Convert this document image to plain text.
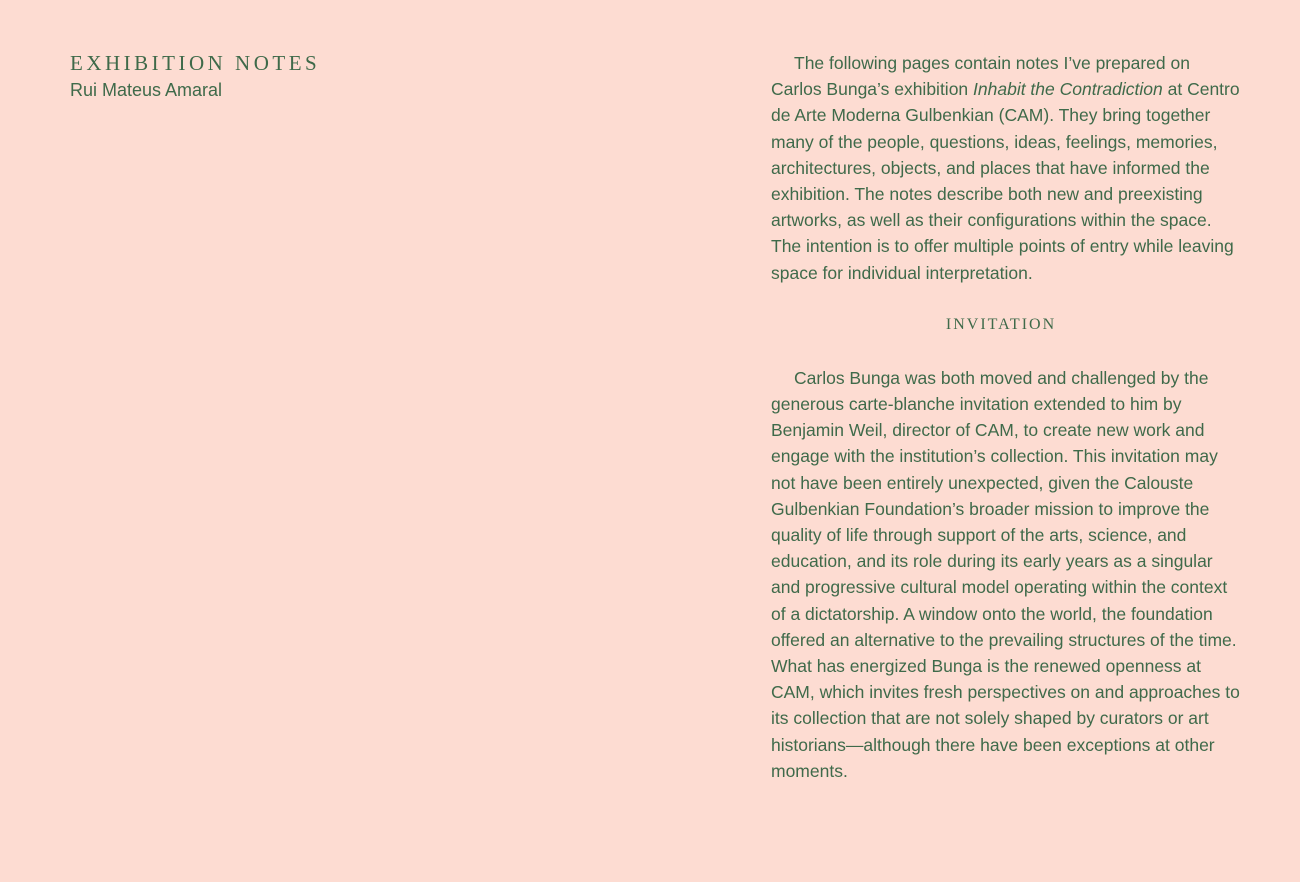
EXHIBITION NOTES

Rui Mateus Amaral

The following pages contain notes I’ve prepared on Carlos Bunga’s exhibition Inhabit the Contradiction at Centro de Arte Moderna Gulbenkian (CAM). They bring together many of the people, questions, ideas, feelings, memories, architectures, objects, and places that have informed the exhibition. The notes describe both new and preexisting artworks, as well as their configurations within the space. The intention is to offer multiple points of entry while leaving space for individual interpretation.

INVITATION

Carlos Bunga was both moved and challenged by the generous carte-blanche invitation extended to him by Benjamin Weil, director of CAM, to create new work and engage with the institution’s collection. This invitation may not have been entirely unexpected, given the Calouste Gulbenkian Foundation’s broader mission to improve the quality of life through support of the arts, science, and education, and its role during its early years as a singular and progressive cultural model operating within the context of a dictatorship. A window onto the world, the foundation offered an alternative to the prevailing structures of the time. What has energized Bunga is the renewed openness at CAM, which invites fresh perspectives on and approaches to its collection that are not solely shaped by curators or art historians—although there have been exceptions at other moments.
